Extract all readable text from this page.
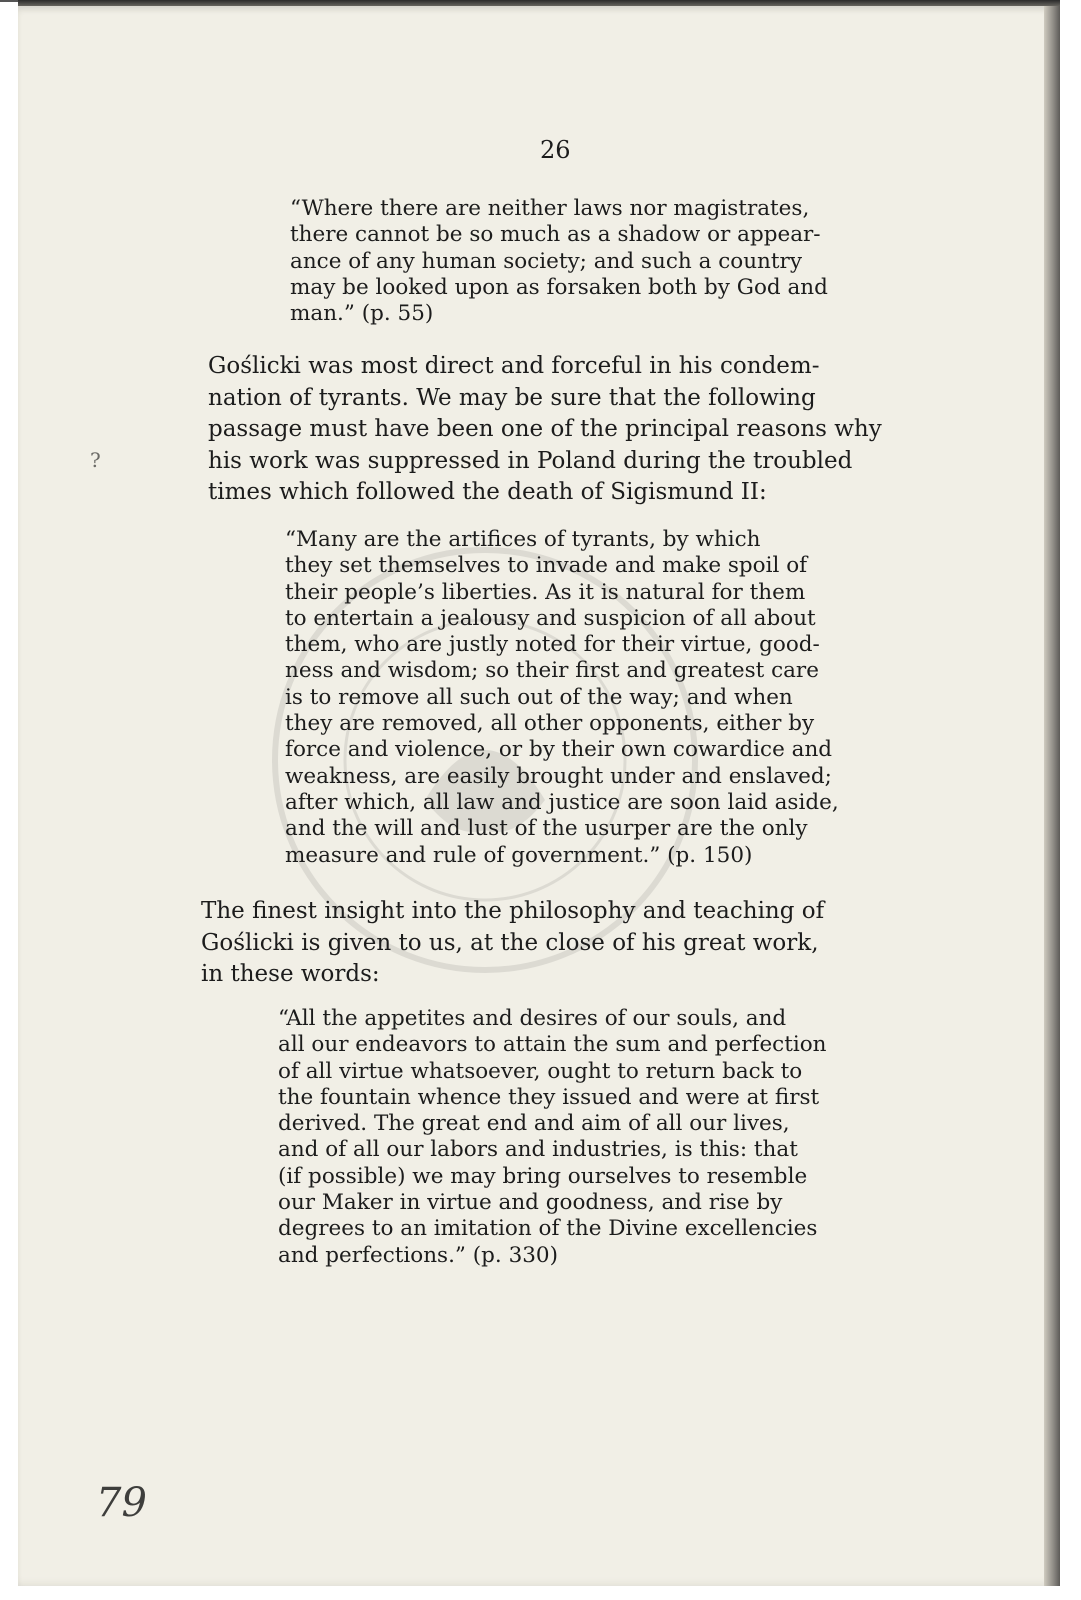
26

“Where there are neither laws nor magistrates,
there cannot be so much as a shadow or appear-
ance of any human society; and such a country
may be looked upon as forsaken both by God and
man.” (p. 55)

Goślicki was most direct and forceful in his condem-
nation of tyrants. We may be sure that the following
passage must have been one of the principal reasons why
his work was suppressed in Poland during the troubled
times which followed the death of Sigismund II:

“Many are the artifices of tyrants, by which
they set themselves to invade and make spoil of
their people’s liberties. As it is natural for them
to entertain a jealousy and suspicion of all about
them, who are justly noted for their virtue, good-
ness and wisdom; so their first and greatest care
is to remove all such out of the way; and when
they are removed, all other opponents, either by
force and violence, or by their own cowardice and
weakness, are easily brought under and enslaved;
after which, all law and justice are soon laid aside,
and the will and lust of the usurper are the only
measure and rule of government.” (p. 150)

The finest insight into the philosophy and teaching of
Goślicki is given to us, at the close of his great work,
in these words:

“All the appetites and desires of our souls, and
all our endeavors to attain the sum and perfection
of all virtue whatsoever, ought to return back to
the fountain whence they issued and were at first
derived. The great end and aim of all our lives,
and of all our labors and industries, is this: that
(if possible) we may bring ourselves to resemble
our Maker in virtue and goodness, and rise by
degrees to an imitation of the Divine excellencies
and perfections.” (p. 330)

?
79
